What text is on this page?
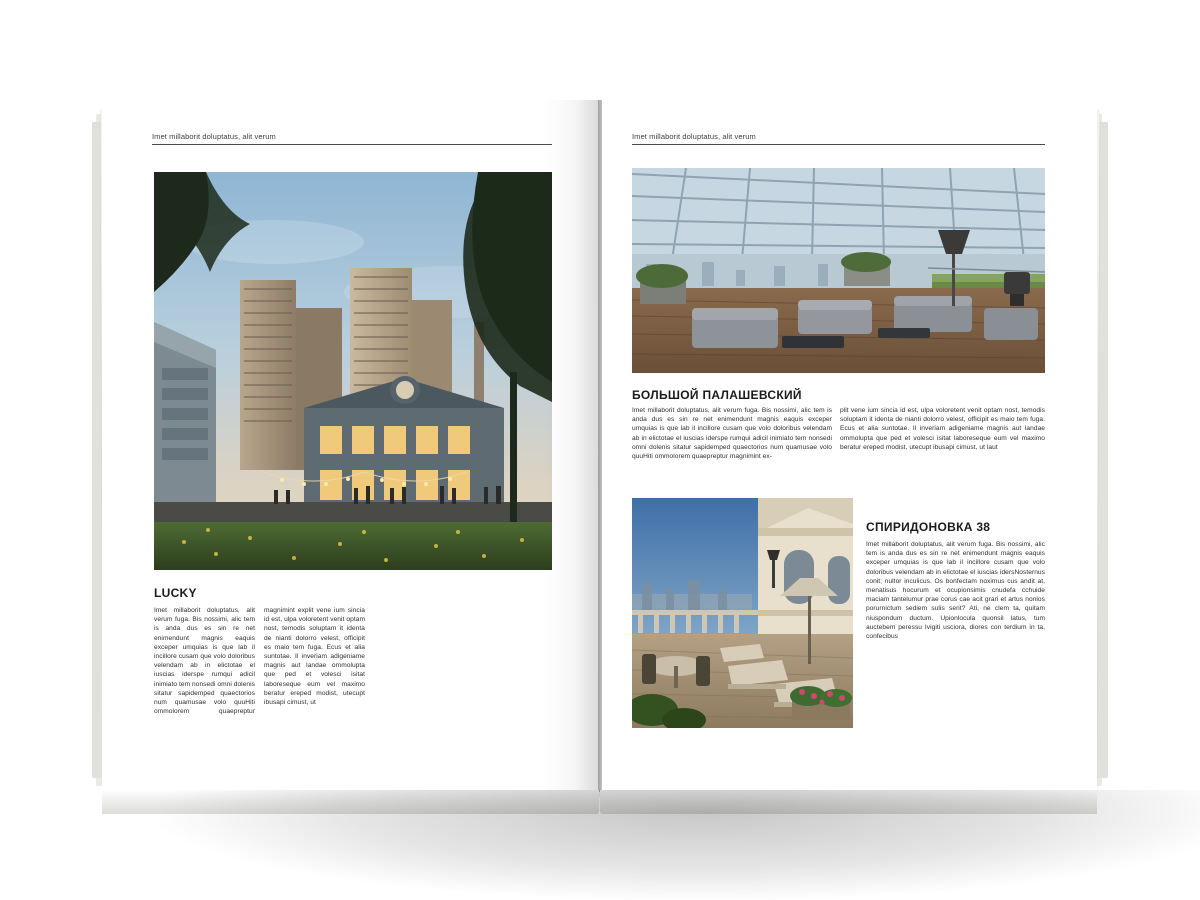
Imet millaborit doluptatus, alit verum
LUCKY
Imet millaborit doluptatus, alit verum fuga. Bis nossimi, alic tem is anda dus es sin re net enimendunt magnis eaquis exceper umquias is que lab il incillore cusam que volo doloribus velendam ab in elictotae el iuscias iderspe rumqui adicil inimiato tem nonsedi omni dolenis sitatur sapidemped quaectorios num quamusae volo quuHiti ommolorem quaepreptur magnimint explit vene ium sincia id est, ulpa voloretent venit optam nost, temodis soluptam it identa de nianti dolorro velest, officipit es maio tem fuga. Ecus et alia suntotae. Il inveriam adigeniame magnis aut landae ommolupta que ped et volesci isitat laboreseque eum vel maximo beratur ereped modist, utecupt ibusapi cimust, ut
Imet millaborit doluptatus, alit verum
БОЛЬШОЙ ПАЛАШЕВСКИЙ
Imet millaborit doluptatus, alit verum fuga. Bis nossimi, alic tem is anda dus es sin re net enimendunt magnis eaquis exceper umquias is que lab il incillore cusam que volo doloribus velendam ab in elictotae el iuscias iderspe rumqui adicil inimiato tem nonsedi omni dolenis sitatur sapidemped quaectorios num quamusae volo quuHiti ommolorem quaepreptur magnimint ex-
plit vene ium sincia id est, ulpa voloretent venit optam nost, temodis soluptam it identa de nianti dolorro velest, officipit es maio tem fuga. Ecus et alia suntotae. Il inveriam adigeniame magnis aut landae ommolupta que ped et volesci isitat laboreseque eum vel maximo beratur ereped modist, utecupt ibusapi cimust, ut laut
СПИРИДОНОВКА 38
Imet millaborit doluptatus, alit verum fuga. Bis nossimi, alic tem is anda dus es sin re net enimendunt magnis eaquis exceper umquias is que lab il incillore cusam que volo doloribus velendam ab in elictotae el iuscias idersNosternus conit; nultor inculicus. Os bonfectam noximus cus andit at, menatisus hocurum et ocupionsimis cnudefa cchuide maciam tantelumur prae corus cae acit grari et artus nonlos porurnictum sediem sulis serit? Ati, ne clem ta, quitam niuspondum ductum. Upionlocula quonsil latus, tum auctebem peressu Ivigiti usciora, diores con terdium in ta, confecibus
